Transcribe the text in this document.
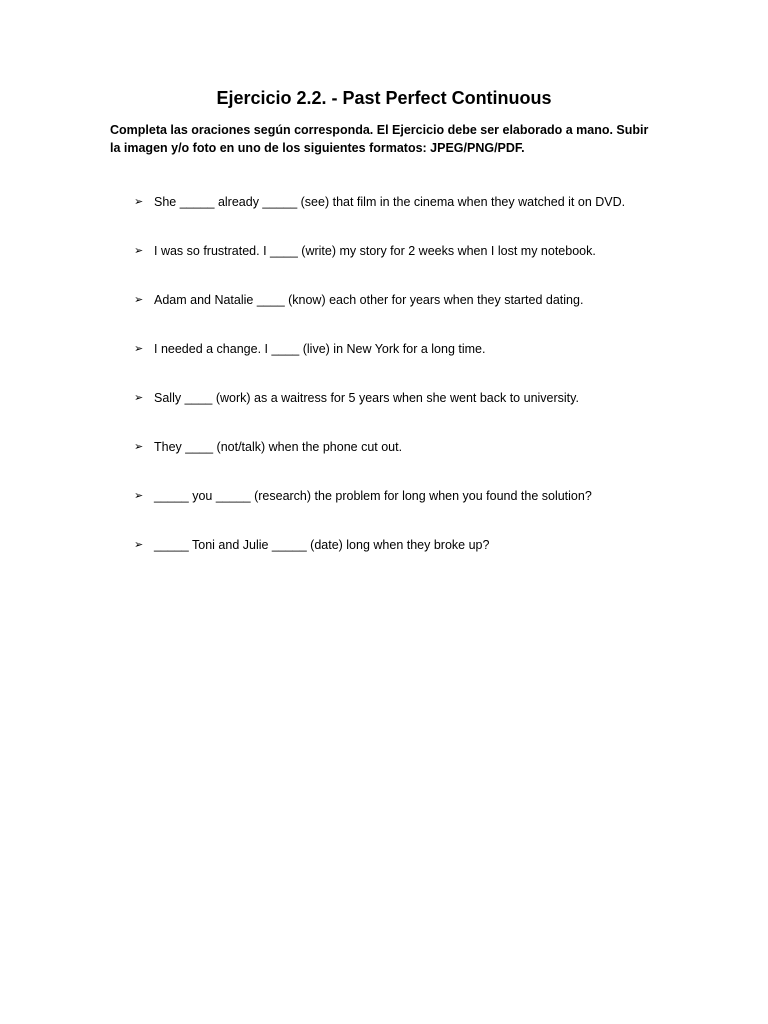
Ejercicio 2.2. - Past Perfect Continuous
Completa las oraciones según corresponda. El Ejercicio debe ser elaborado a mano. Subir la imagen y/o foto en uno de los siguientes formatos: JPEG/PNG/PDF.
➢ She _____ already _____ (see) that film in the cinema when they watched it on DVD.
➢I was so frustrated. I ____ (write) my story for 2 weeks when I lost my notebook.
➢ Adam and Natalie ____ (know) each other for years when they started dating.
➢I needed a change. I ____ (live) in New York for a long time.
➢Sally ____ (work) as a waitress for 5 years when she went back to university.
➢They ____ (not/talk) when the phone cut out.
➢_____ you _____ (research) the problem for long when you found the solution?
➢ _____ Toni and Julie _____ (date) long when they broke up?
